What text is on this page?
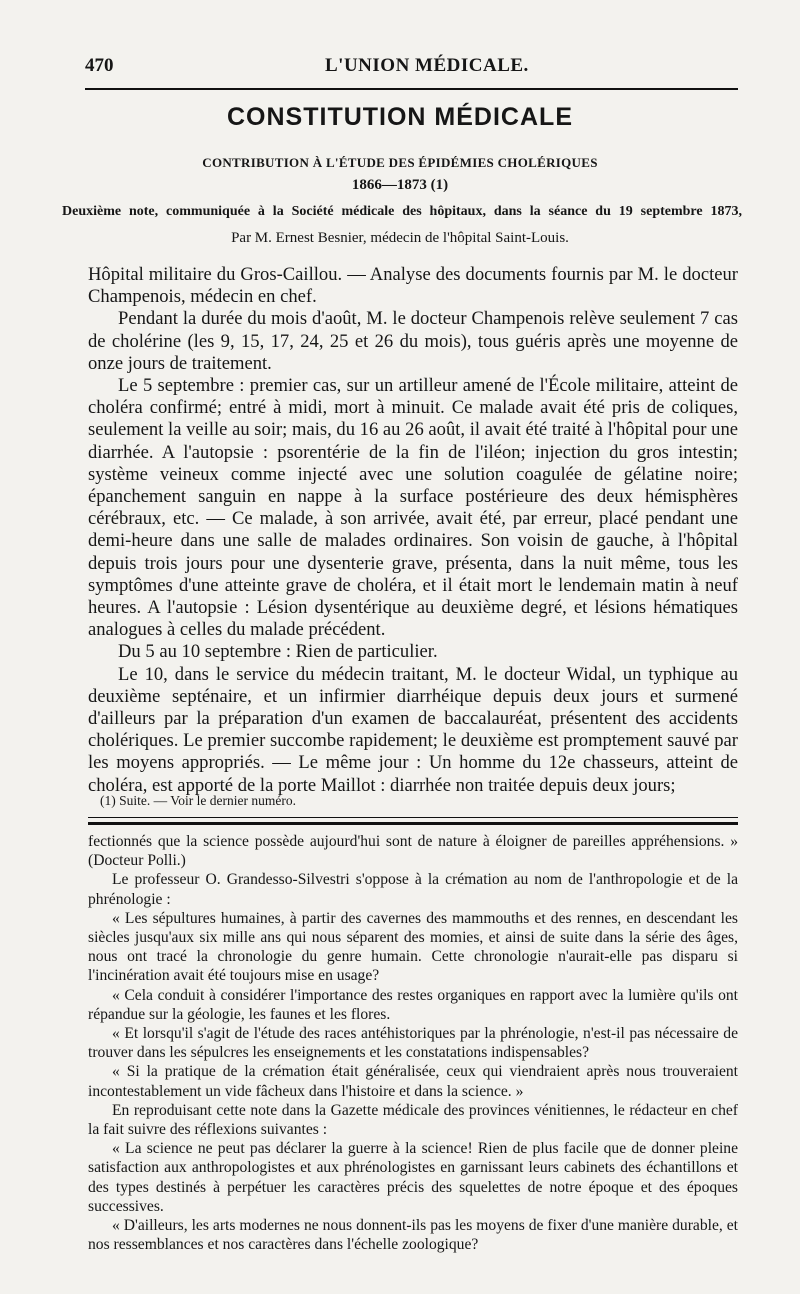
470	L'UNION MÉDICALE.
CONSTITUTION MÉDICALE
CONTRIBUTION À L'ÉTUDE DES ÉPIDÉMIES CHOLÉRIQUES
1866—1873 (1)
Deuxième note, communiquée à la Société médicale des hôpitaux, dans la séance du 19 septembre 1873,
Par M. Ernest Besnier, médecin de l'hôpital Saint-Louis.

Hôpital militaire du Gros-Caillou. — Analyse des documents fournis par M. le docteur Champenois, médecin en chef.

Pendant la durée du mois d'août, M. le docteur Champenois relève seulement 7 cas de cholérine (les 9, 15, 17, 24, 25 et 26 du mois), tous guéris après une moyenne de onze jours de traitement.

Le 5 septembre : premier cas, sur un artilleur amené de l'École militaire, atteint de choléra confirmé; entré à midi, mort à minuit. Ce malade avait été pris de coliques, seulement la veille au soir; mais, du 16 au 26 août, il avait été traité à l'hôpital pour une diarrhée. A l'autopsie : psorentérie de la fin de l'iléon; injection du gros intestin; système veineux comme injecté avec une solution coagulée de gélatine noire; épanchement sanguin en nappe à la surface postérieure des deux hémisphères cérébraux, etc. — Ce malade, à son arrivée, avait été, par erreur, placé pendant une demi-heure dans une salle de malades ordinaires. Son voisin de gauche, à l'hôpital depuis trois jours pour une dysenterie grave, présenta, dans la nuit même, tous les symptômes d'une atteinte grave de choléra, et il était mort le lendemain matin à neuf heures. A l'autopsie : Lésion dysentérique au deuxième degré, et lésions hématiques analogues à celles du malade précédent.

Du 5 au 10 septembre : Rien de particulier.

Le 10, dans le service du médecin traitant, M. le docteur Widal, un typhique au deuxième septénaire, et un infirmier diarrhéique depuis deux jours et surmené d'ailleurs par la préparation d'un examen de baccalauréat, présentent des accidents cholériques. Le premier succombe rapidement; le deuxième est promptement sauvé par les moyens appropriés. — Le même jour : Un homme du 12e chasseurs, atteint de choléra, est apporté de la porte Maillot : diarrhée non traitée depuis deux jours;

(1) Suite. — Voir le dernier numéro.

fectionnés que la science possède aujourd'hui sont de nature à éloigner de pareilles appréhensions. » (Docteur Polli.)

Le professeur O. Grandesso-Silvestri s'oppose à la crémation au nom de l'anthropologie et de la phrénologie :

« Les sépultures humaines, à partir des cavernes des mammouths et des rennes, en descendant les siècles jusqu'aux six mille ans qui nous séparent des momies, et ainsi de suite dans la série des âges, nous ont tracé la chronologie du genre humain. Cette chronologie n'aurait-elle pas disparu si l'incinération avait été toujours mise en usage?

« Cela conduit à considérer l'importance des restes organiques en rapport avec la lumière qu'ils ont répandue sur la géologie, les faunes et les flores.

« Et lorsqu'il s'agit de l'étude des races antéhistoriques par la phrénologie, n'est-il pas nécessaire de trouver dans les sépulcres les enseignements et les constatations indispensables?

« Si la pratique de la crémation était généralisée, ceux qui viendraient après nous trouveraient incontestablement un vide fâcheux dans l'histoire et dans la science. »

En reproduisant cette note dans la Gazette médicale des provinces vénitiennes, le rédacteur en chef la fait suivre des réflexions suivantes :

« La science ne peut pas déclarer la guerre à la science! Rien de plus facile que de donner pleine satisfaction aux anthropologistes et aux phrénologistes en garnissant leurs cabinets des échantillons et des types destinés à perpétuer les caractères précis des squelettes de notre époque et des époques successives.

« D'ailleurs, les arts modernes ne nous donnent-ils pas les moyens de fixer d'une manière durable, et nos ressemblances et nos caractères dans l'échelle zoologique?
